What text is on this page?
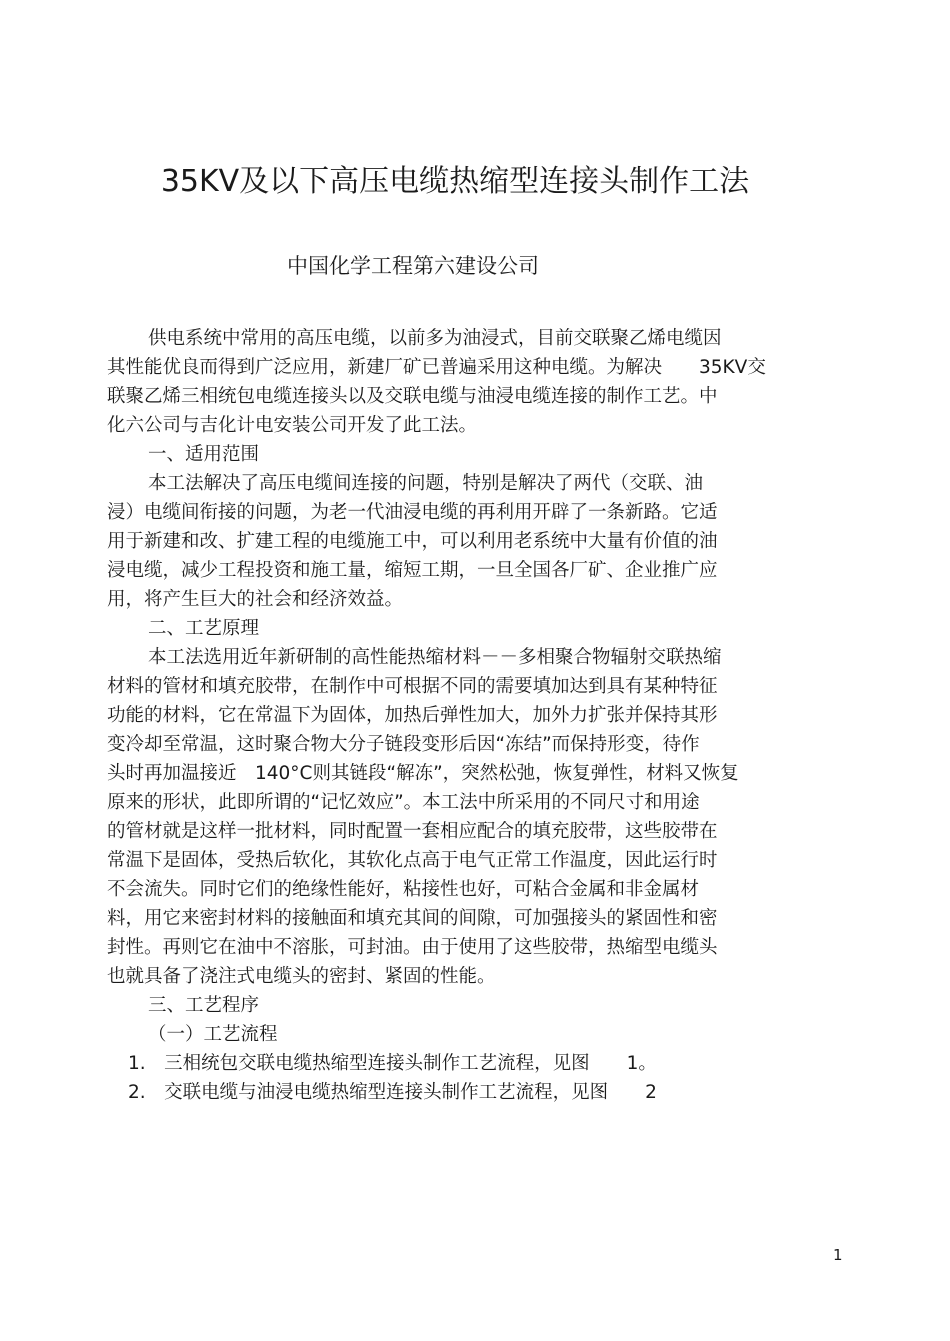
35KV及以下高压电缆热缩型连接头制作工法
中国化学工程第六建设公司
供电系统中常用的高压电缆，以前多为油浸式，目前交联聚乙烯电缆因
其性能优良而得到广泛应用，新建厂矿已普遍采用这种电缆。为解决　　35KV交
联聚乙烯三相统包电缆连接头以及交联电缆与油浸电缆连接的制作工艺。中
化六公司与吉化计电安装公司开发了此工法。
一、适用范围
本工法解决了高压电缆间连接的问题，特别是解决了两代（交联、油
浸）电缆间衔接的问题，为老一代油浸电缆的再利用开辟了一条新路。它适
用于新建和改、扩建工程的电缆施工中，可以利用老系统中大量有价值的油
浸电缆，减少工程投资和施工量，缩短工期，一旦全国各厂矿、企业推广应
用，将产生巨大的社会和经济效益。
二、工艺原理
本工法选用近年新研制的高性能热缩材料－－多相聚合物辐射交联热缩
材料的管材和填充胶带，在制作中可根据不同的需要填加达到具有某种特征
功能的材料，它在常温下为固体，加热后弹性加大，加外力扩张并保持其形
变冷却至常温，这时聚合物大分子链段变形后因“冻结”而保持形变，待作
头时再加温接近　140°C则其链段“解冻”，突然松弛，恢复弹性，材料又恢复
原来的形状，此即所谓的“记忆效应”。本工法中所采用的不同尺寸和用途
的管材就是这样一批材料，同时配置一套相应配合的填充胶带，这些胶带在
常温下是固体，受热后软化，其软化点高于电气正常工作温度，因此运行时
不会流失。同时它们的绝缘性能好，粘接性也好，可粘合金属和非金属材
料，用它来密封材料的接触面和填充其间的间隙，可加强接头的紧固性和密
封性。再则它在油中不溶胀，可封油。由于使用了这些胶带，热缩型电缆头
也就具备了浇注式电缆头的密封、紧固的性能。
三、工艺程序
（一）工艺流程
1.　三相统包交联电缆热缩型连接头制作工艺流程，见图　　1。
2.　交联电缆与油浸电缆热缩型连接头制作工艺流程，见图　　2
1
